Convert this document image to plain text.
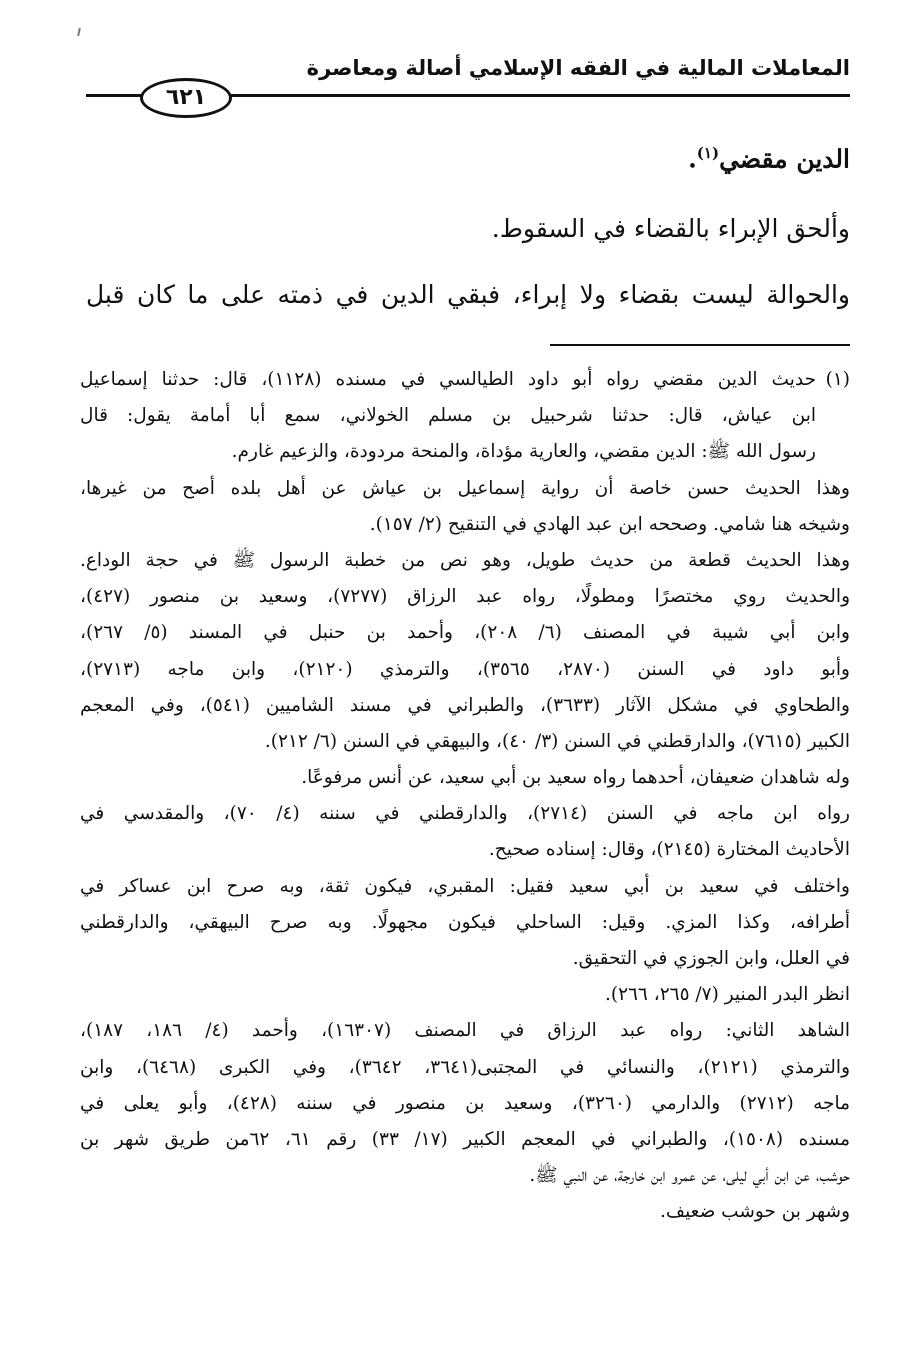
المعاملات المالية في الفقه الإسلامي أصالة ومعاصرة
٦٢١
الدين مقضي$^{(١)}$.
وألحق الإبراء بالقضاء في السقوط.
والحوالة ليست بقضاء ولا إبراء، فبقي الدين في ذمته على ما كان قبل
(١)حديث الدين مقضي رواه أبو داود الطيالسي في مسنده (١١٢٨)، قال: حدثنا إسماعيل
ابن عياش، قال: حدثنا شرحبيل بن مسلم الخولاني، سمع أبا أمامة يقول: قال
رسول الله ﷺ: الدين مقضي، والعارية مؤداة، والمنحة مردودة، والزعيم غارم.
وهذا الحديث حسن خاصة أن رواية إسماعيل بن عياش عن أهل بلده أصح من غيرها،
وشيخه هنا شامي. وصححه ابن عبد الهادي في التنقيح (٢/ ١٥٧).
وهذا الحديث قطعة من حديث طويل، وهو نص من خطبة الرسول ﷺ في حجة الوداع.
والحديث روي مختصرًا ومطولًا، رواه عبد الرزاق (٧٢٧٧)، وسعيد بن منصور (٤٢٧)،
وابن أبي شيبة في المصنف (٦/ ٢٠٨)، وأحمد بن حنبل في المسند (٥/ ٢٦٧)،
وأبو داود في السنن (٢٨٧٠، ٣٥٦٥)، والترمذي (٢١٢٠)، وابن ماجه (٢٧١٣)،
والطحاوي في مشكل الآثار (٣٦٣٣)، والطبراني في مسند الشاميين (٥٤١)، وفي المعجم
الكبير (٧٦١٥)، والدارقطني في السنن (٣/ ٤٠)، والبيهقي في السنن (٦/ ٢١٢).
وله شاهدان ضعيفان، أحدهما رواه سعيد بن أبي سعيد، عن أنس مرفوعًا.
رواه ابن ماجه في السنن (٢٧١٤)، والدارقطني في سننه (٤/ ٧٠)، والمقدسي في
الأحاديث المختارة (٢١٤٥)، وقال: إسناده صحيح.
واختلف في سعيد بن أبي سعيد فقيل: المقبري، فيكون ثقة، وبه صرح ابن عساكر في
أطرافه، وكذا المزي. وقيل: الساحلي فيكون مجهولًا. وبه صرح البيهقي، والدارقطني
في العلل، وابن الجوزي في التحقيق.
انظر البدر المنير (٧/ ٢٦٥، ٢٦٦).
الشاهد الثاني: رواه عبد الرزاق في المصنف (١٦٣٠٧)، وأحمد (٤/ ١٨٦، ١٨٧)،
والترمذي (٢١٢١)، والنسائي في المجتبى(٣٦٤١، ٣٦٤٢)، وفي الكبرى (٦٤٦٨)، وابن
ماجه (٢٧١٢) والدارمي (٣٢٦٠)، وسعيد بن منصور في سننه (٤٢٨)، وأبو يعلى في
مسنده (١٥٠٨)، والطبراني في المعجم الكبير (١٧/ ٣٣) رقم ٦١، ٦٢من طريق شهر بن
حوشب، عن ابن أبي ليلى، عن عمرو ابن خارجة، عن النبي ﷺ.
وشهر بن حوشب ضعيف.
